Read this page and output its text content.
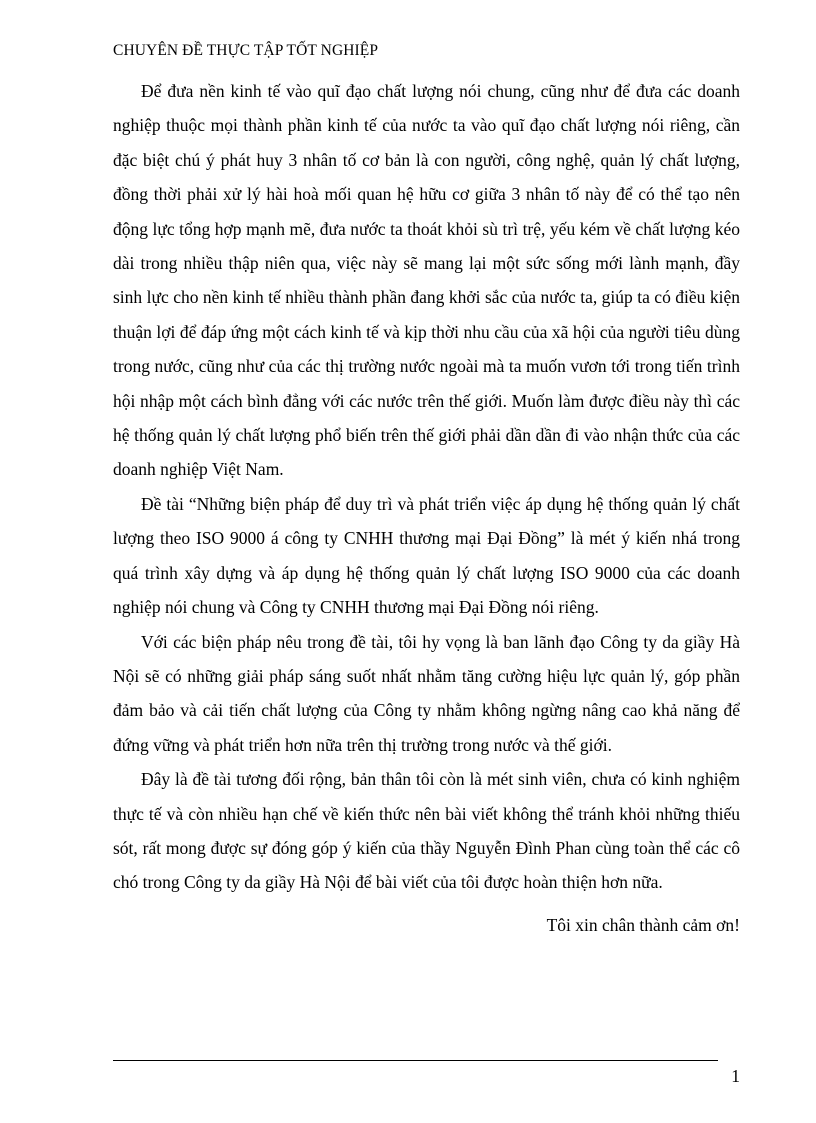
CHUYÊN ĐỀ THỰC TẬP TỐT NGHIỆP

Để đưa nền kinh tế vào quĩ đạo chất lượng nói chung, cũng như để đưa các doanh nghiệp thuộc mọi thành phần kinh tế của nước ta vào quĩ đạo chất lượng nói riêng, cần đặc biệt chú ý phát huy 3 nhân tố cơ bản là con người, công nghệ, quản lý chất lượng, đồng thời phải xử lý hài hoà mối quan hệ hữu cơ giữa 3 nhân tố này để có thể tạo nên động lực tổng hợp mạnh mẽ, đưa nước ta thoát khỏi sù trì trệ, yếu kém về chất lượng kéo dài trong nhiều thập niên qua, việc này sẽ mang lại một sức sống mới lành mạnh, đầy sinh lực cho nền kinh tế nhiều thành phần đang khởi sắc của nước ta, giúp ta có điều kiện thuận lợi để đáp ứng một cách kinh tế và kịp thời nhu cầu của xã hội của người tiêu dùng trong nước, cũng như của các thị trường nước ngoài mà ta muốn vươn tới trong tiến trình hội nhập một cách bình đẳng với các nước trên thế giới. Muốn làm được điều này thì các hệ thống quản lý chất lượng phổ biến trên thế giới phải dần dần đi vào nhận thức của các doanh nghiệp Việt Nam.

Đề tài “Những biện pháp để duy trì và phát triển việc áp dụng hệ thống quản lý chất lượng theo ISO 9000 á công ty CNHH thương mại Đại Đồng” là mét ý kiến nhá trong quá trình xây dựng và áp dụng hệ thống quản lý chất lượng ISO 9000 của các doanh nghiệp nói chung và Công ty CNHH thương mại Đại Đồng nói riêng.

Với các biện pháp nêu trong đề tài, tôi hy vọng là ban lãnh đạo Công ty da giầy Hà Nội sẽ có những giải pháp sáng suốt nhất nhằm tăng cường hiệu lực quản lý, góp phần đảm bảo và cải tiến chất lượng của Công ty nhằm không ngừng nâng cao khả năng để đứng vững và phát triển hơn nữa trên thị trường trong nước và thế giới.

Đây là đề tài tương đối rộng, bản thân tôi còn là mét sinh viên, chưa có kinh nghiệm thực tế và còn nhiều hạn chế về kiến thức nên bài viết không thể tránh khỏi những thiếu sót, rất mong được sự đóng góp ý kiến của thầy Nguyễn Đình Phan cùng toàn thể các cô chó trong Công ty da giầy Hà Nội để bài viết của tôi được hoàn thiện hơn nữa.

Tôi xin chân thành cảm ơn!

1
